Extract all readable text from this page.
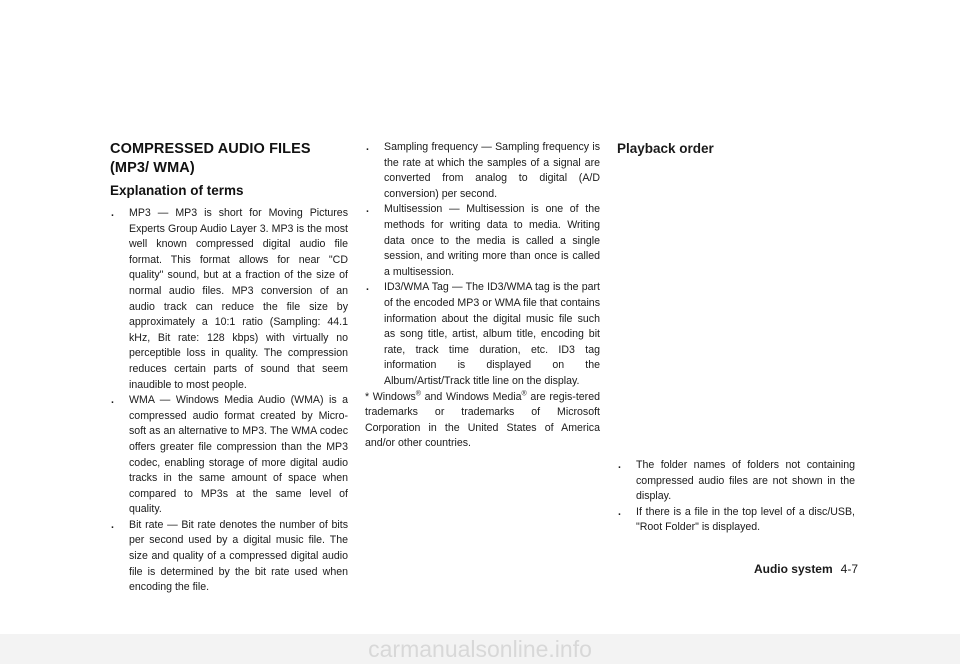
COMPRESSED AUDIO FILES (MP3/ WMA)
Explanation of terms
. MP3 — MP3 is short for Moving Pictures Experts Group Audio Layer 3. MP3 is the most well known compressed digital audio file format. This format allows for near "CD quality" sound, but at a fraction of the size of normal audio files. MP3 conversion of an audio track can reduce the file size by approximately a 10:1 ratio (Sampling: 44.1 kHz, Bit rate: 128 kbps) with virtually no perceptible loss in quality. The compression reduces certain parts of sound that seem inaudible to most people.
. WMA — Windows Media Audio (WMA) is a compressed audio format created by Micro-soft as an alternative to MP3. The WMA codec offers greater file compression than the MP3 codec, enabling storage of more digital audio tracks in the same amount of space when compared to MP3s at the same level of quality.
. Bit rate — Bit rate denotes the number of bits per second used by a digital music file. The size and quality of a compressed digital audio file is determined by the bit rate used when encoding the file.
. Sampling frequency — Sampling frequency is the rate at which the samples of a signal are converted from analog to digital (A/D conversion) per second.
. Multisession — Multisession is one of the methods for writing data to media. Writing data once to the media is called a single session, and writing more than once is called a multisession.
. ID3/WMA Tag — The ID3/WMA tag is the part of the encoded MP3 or WMA file that contains information about the digital music file such as song title, artist, album title, encoding bit rate, track time duration, etc. ID3 tag information is displayed on the Album/Artist/Track title line on the display.

* Windows® and Windows Media® are regis-tered trademarks or trademarks of Microsoft Corporation in the United States of America and/or other countries.

Playback order
. The folder names of folders not containing compressed audio files are not shown in the display.
. If there is a file in the top level of a disc/USB, "Root Folder" is displayed.
Audio system 4-7
carmanualsonline.info
